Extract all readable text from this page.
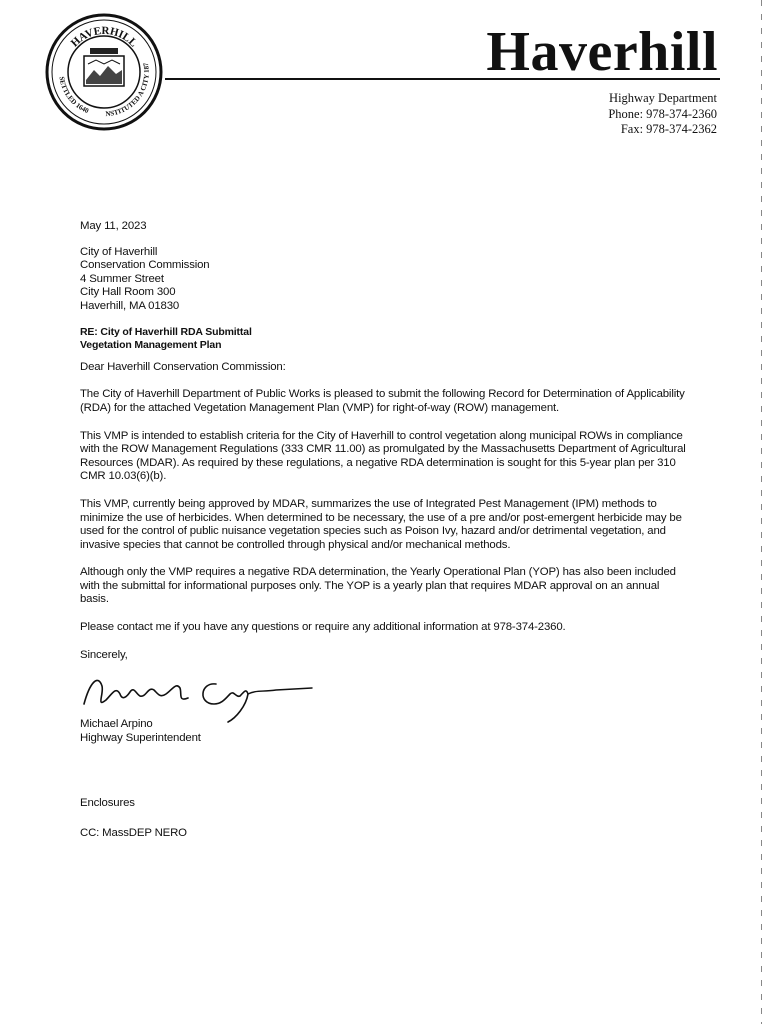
HAVERHILL
SETTLED 1640	NSTITUTED A CITY 187	Haverhill
Highway Department
Phone: 978-374-2360
Fax: 978-374-2362

May 11, 2023

City of Haverhill

Conservation Commission

4 Summer Street

City Hall Room 300

Haverhill, MA 01830

RE: City of Haverhill RDA Submittal
Vegetation Management Plan

Dear Haverhill Conservation Commission:

The City of Haverhill Department of Public Works is pleased to submit the following Record for Determination of Applicability (RDA) for the attached Vegetation Management Plan (VMP) for right-of-way (ROW) management.

This VMP is intended to establish criteria for the City of Haverhill to control vegetation along municipal ROWs in compliance with the ROW Management Regulations (333 CMR 11.00) as promulgated by the Massachusetts Department of Agricultural Resources (MDAR). As required by these regulations, a negative RDA determination is sought for this 5-year plan per 310 CMR 10.03(6)(b).

This VMP, currently being approved by MDAR, summarizes the use of Integrated Pest Management (IPM) methods to minimize the use of herbicides. When determined to be necessary, the use of a pre and/or post-emergent herbicide may be used for the control of public nuisance vegetation species such as Poison Ivy, hazard and/or detrimental vegetation, and invasive species that cannot be controlled through physical and/or mechanical methods.

Although only the VMP requires a negative RDA determination, the Yearly Operational Plan (YOP) has also been included with the submittal for informational purposes only. The YOP is a yearly plan that requires MDAR approval on an annual basis.

Please contact me if you have any questions or require any additional information at 978-374-2360.

Sincerely,

Michael Arpino

Highway Superintendent

Enclosures

CC: MassDEP NERO
